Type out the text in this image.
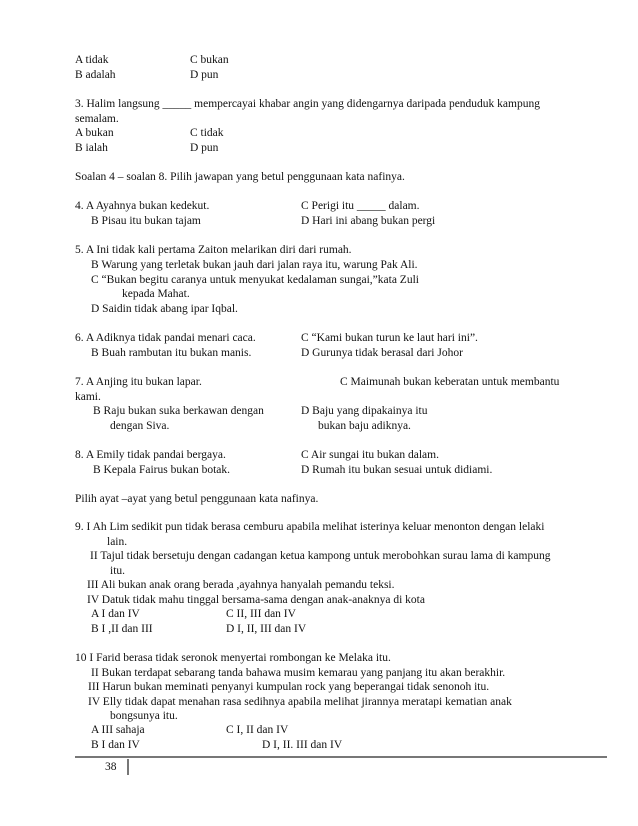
A tidak	C bukan
B adalah	D pun
3. Halim langsung _____ mempercayai khabar angin yang didengarnya daripada penduduk kampung
semalam.
A bukan	C tidak
B ialah	D pun
Soalan 4 – soalan 8. Pilih jawapan yang betul penggunaan kata nafinya.
4. A Ayahnya bukan kedekut.	C Perigi itu _____ dalam.
B Pisau itu bukan tajam	D Hari ini abang bukan pergi
5. A Ini tidak kali pertama Zaiton melarikan diri dari rumah.
B Warung yang terletak bukan jauh dari jalan raya itu, warung Pak Ali.
C “Bukan begitu caranya untuk menyukat kedalaman sungai,”kata Zuli
kepada Mahat.
D Saidin tidak abang ipar Iqbal.
6. A Adiknya tidak pandai menari caca.	C “Kami bukan turun ke laut hari ini”.
B Buah rambutan itu bukan manis.	D Gurunya tidak berasal dari Johor
7. A Anjing itu bukan lapar.	C Maimunah bukan keberatan untuk membantu
kami.
B Raju bukan suka berkawan dengan	D Baju yang dipakainya itu
dengan Siva.	bukan baju adiknya.
8. A Emily tidak pandai bergaya.	C Air sungai itu bukan dalam.
B Kepala Fairus bukan botak.	D Rumah itu bukan sesuai untuk didiami.
Pilih ayat –ayat yang betul penggunaan kata nafinya.
9. I Ah Lim sedikit pun tidak berasa cemburu apabila melihat isterinya keluar menonton dengan lelaki
lain.
II Tajul tidak bersetuju dengan cadangan ketua kampong untuk merobohkan surau lama di kampung
itu.
III Ali bukan anak orang berada ,ayahnya hanyalah pemandu teksi.
IV Datuk tidak mahu tinggal bersama-sama dengan anak-anaknya di kota
A I dan IV	C II, III dan IV
B I ,II dan III	D I, II, III dan IV
10 I Farid berasa tidak seronok menyertai rombongan ke Melaka itu.
II Bukan terdapat sebarang tanda bahawa musim kemarau yang panjang itu akan berakhir.
III Harun bukan meminati penyanyi kumpulan rock yang beperangai tidak senonoh itu.
IV Elly tidak dapat menahan rasa sedihnya apabila melihat jirannya meratapi kematian anak
bongsunya itu.
A III sahaja	C I, II dan IV
B I dan IV	D I, II. III dan IV
38
